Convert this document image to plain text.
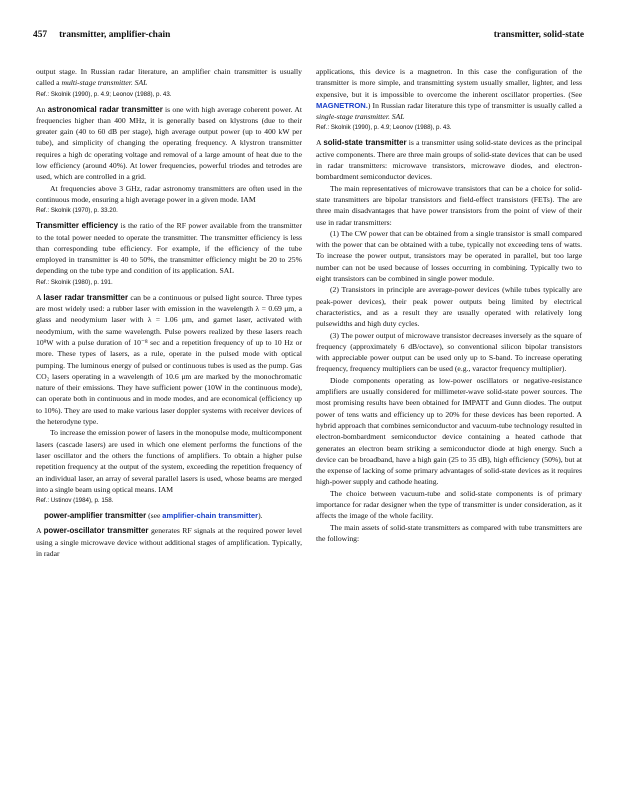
457 transmitter, amplifier-chain	transmitter, solid-state

output stage. In Russian radar literature, an amplifier chain transmitter is usually called a multi-stage transmitter. SAL

Ref.: Skolnik (1990), p. 4.9; Leonov (1988), p. 43.

An astronomical radar transmitter is one with high average coherent power. At frequencies higher than 400 MHz, it is generally based on klystrons (due to their greater gain (40 to 60 dB per stage), high average output power (up to 400 kW per tube), and simplicity of changing the operating frequency. A klystron transmitter requires a high dc operating voltage and removal of a large amount of heat due to the low efficiency (around 40%). At lower frequencies, powerful triodes and tetrodes are used, which are controlled in a grid.

At frequencies above 3 GHz, radar astronomy transmitters are often used in the continuous mode, ensuring a high average power in a given mode. IAM

Ref.: Skolnik (1970), p. 33.20.

Transmitter efficiency is the ratio of the RF power available from the transmitter to the total power needed to operate the transmitter. The transmitter efficiency is less than corresponding tube efficiency. For example, if the efficiency of the tube employed in transmitter is 40 to 50%, the transmitter efficiency might be 20 to 25% depending on the tube type and condition of its application. SAL

Ref.: Skolnik (1980), p. 191.

A laser radar transmitter can be a continuous or pulsed light source. Three types are most widely used: a rubber laser with emission in the wavelength λ = 0.69 μm, a glass and neodymium laser with λ = 1.06 μm, and garnet laser, activated with neodymium, with the same wavelength. Pulse powers realized by these lasers reach 10⁹W with a pulse duration of 10⁻⁸ sec and a repetition frequency of up to 10 Hz or more. These types of lasers, as a rule, operate in the pulsed mode with optical pumping. The luminous energy of pulsed or continuous tubes is used as the pump. Gas CO₂ lasers operating in a wavelength of 10.6 μm are marked by the monochromatic nature of their emissions. They have sufficient power (10W in the continuous mode), can operate both in continuous and in mode modes, and are economical (efficiency up to 10%). They are used to make various laser doppler systems with receiver devices of the heterodyne type.

To increase the emission power of lasers in the monopulse mode, multicomponent lasers (cascade lasers) are used in which one element performs the functions of the laser oscillator and the others the functions of amplifiers. To obtain a higher pulse repetition frequency at the output of the system, exceeding the repetition frequency of an individual laser, an array of several parallel lasers is used, whose beams are merged into a single beam using optical means. IAM

Ref.: Ustinov (1984), p. 158.

power-amplifier transmitter (see amplifier-chain transmitter).

A power-oscillator transmitter generates RF signals at the required power level using a single microwave device without additional stages of amplification. Typically, in radar

applications, this device is a magnetron. In this case the configuration of the transmitter is more simple, and transmitting system usually smaller, lighter, and less expensive, but it is impossible to overcome the inherent oscillator properties. (See MAGNETRON.) In Russian radar literature this type of transmitter is usually called a single-stage transmitter. SAL

Ref.: Skolnik (1990), p. 4.9; Leonov (1988), p. 43.

A solid-state transmitter is a transmitter using solid-state devices as the principal active components. There are three main groups of solid-state devices that can be used in radar transmitters: microwave transistors, microwave diodes, and electron-bombardment semiconductor devices.

The main representatives of microwave transistors that can be a choice for solid-state transmitters are bipolar transistors and field-effect transistors (FETs). The are three main disadvantages that have power transistors from the point of view of their use in radar transmitters:

(1) The CW power that can be obtained from a single transistor is small compared with the power that can be obtained with a tube, typically not exceeding tens of watts. To increase the power output, transistors may be operated in parallel, but too large number can not be used because of losses occurring in combining. Typically two to eight transistors can be combined in single power module.

(2) Transistors in principle are average-power devices (while tubes typically are peak-power devices), their peak power outputs being limited by electrical characteristics, and as a result they are usually operated with relatively long pulsewidths and high duty cycles.

(3) The power output of microwave transistor decreases inversely as the square of frequency (approximately 6 dB/octave), so conventional silicon bipolar transistors with appreciable power output can be used only up to S-band. To increase operating frequency, frequency multipliers can be used (e.g., varactor frequency multiplier).

Diode components operating as low-power oscillators or negative-resistance amplifiers are usually considered for millimeter-wave solid-state power sources. The most promising results have been obtained for IMPATT and Gunn diodes. The output power of tens watts and efficiency up to 20% for these devices has been reported. A hybrid approach that combines semiconductor and vacuum-tube technology resulted in electron-bombardment semiconductor device containing a heated cathode that generates an electron beam striking a semiconductor diode at high energy. Such a device can be broadband, have a high gain (25 to 35 dB), high efficiency (50%), but at the expense of lacking of some primary advantages of solid-state devices as it requires high-power supply and cathode heating.

The choice between vacuum-tube and solid-state components is of primary importance for radar designer when the type of transmitter is under consideration, as it affects the image of the whole facility.

The main assets of solid-state transmitters as compared with tube transmitters are the following:
